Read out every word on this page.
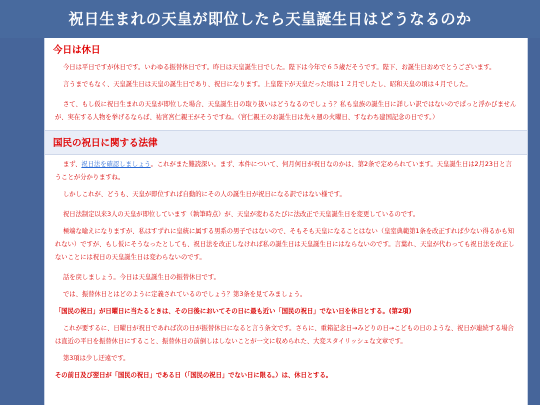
祝日生まれの天皇が即位したら天皇誕生日はどうなるのか
今日は休日

今日は平日ですが休日です。いわゆる振替休日です。昨日は天皇誕生日でした。陛下は今年で６５歳だそうです。陛下、お誕生日おめでとうございます。

言うまでもなく、天皇誕生日は天皇の誕生日であり、祝日になります。上皇陛下が天皇だった頃は１２月でしたし、昭和天皇の頃は４月でした。

さて、もし仮に祝日生まれの天皇が即位した場合、天皇誕生日の取り扱いはどうなるのでしょう？私も皇族の誕生日に詳しい訳ではないのでぱっと浮かびませんが、実在する人物を挙げるならば、祐宮宮仁親王がそうですね。（宮仁親王のお誕生日は先々週の火曜日、すなわち建国記念の日です。）

国民の祝日に関する法律

まず、祝日法を確認しましょう。これがまた難読深い。まず、本件について、何月何日が祝日なのかは、第2条で定められています。天皇誕生日は2月23日と言うことが分かりますね。

しかしこれが、どうも、天皇が即位すれば自動的にその人の誕生日が祝日になる訳ではない様です。

祝日法制定以来3人の天皇が即位しています（執筆時点）が、天皇が変わるたびに法改正で天皇誕生日を変更しているのです。

極端な喩えになりますが、私はすずれに皇統に属する男系の男子ではないので、そもそも天皇になることはない（皇室典範第1条を改正すれば少ない得るかも知れない）ですが、もし仮にそうなったとしても、祝日法を改正しなければ私の誕生日は天皇誕生日にはならないのです。言葉れ、天皇が代わっても祝日法を改正しないことには祝日の天皇誕生日は変わらないのです。

話を戻しましょう。今日は天皇誕生日の振替休日です。

では、振替休日とはどのように定義されているのでしょう？第3条を見てみましょう。

「国民の祝日」が日曜日に当たるときは、その日後においてその日に最も近い「国民の祝日」でない日を休日とする。(第2項)

これが要するに、日曜日が祝日であれば次の日が振替休日になると言う条文です。さらに、重箱記念日→みどりの日→こどもの日のような、祝日が連続する場合は直近の平日を振替休日にすること、振替休日の前倒しはしないことが一文に収められた、大変スタイリッシュな文章です。

第3項は少し迂遠です。

その前日及び翌日が「国民の祝日」である日（「国民の祝日」でない日に限る。）は、休日とする。
